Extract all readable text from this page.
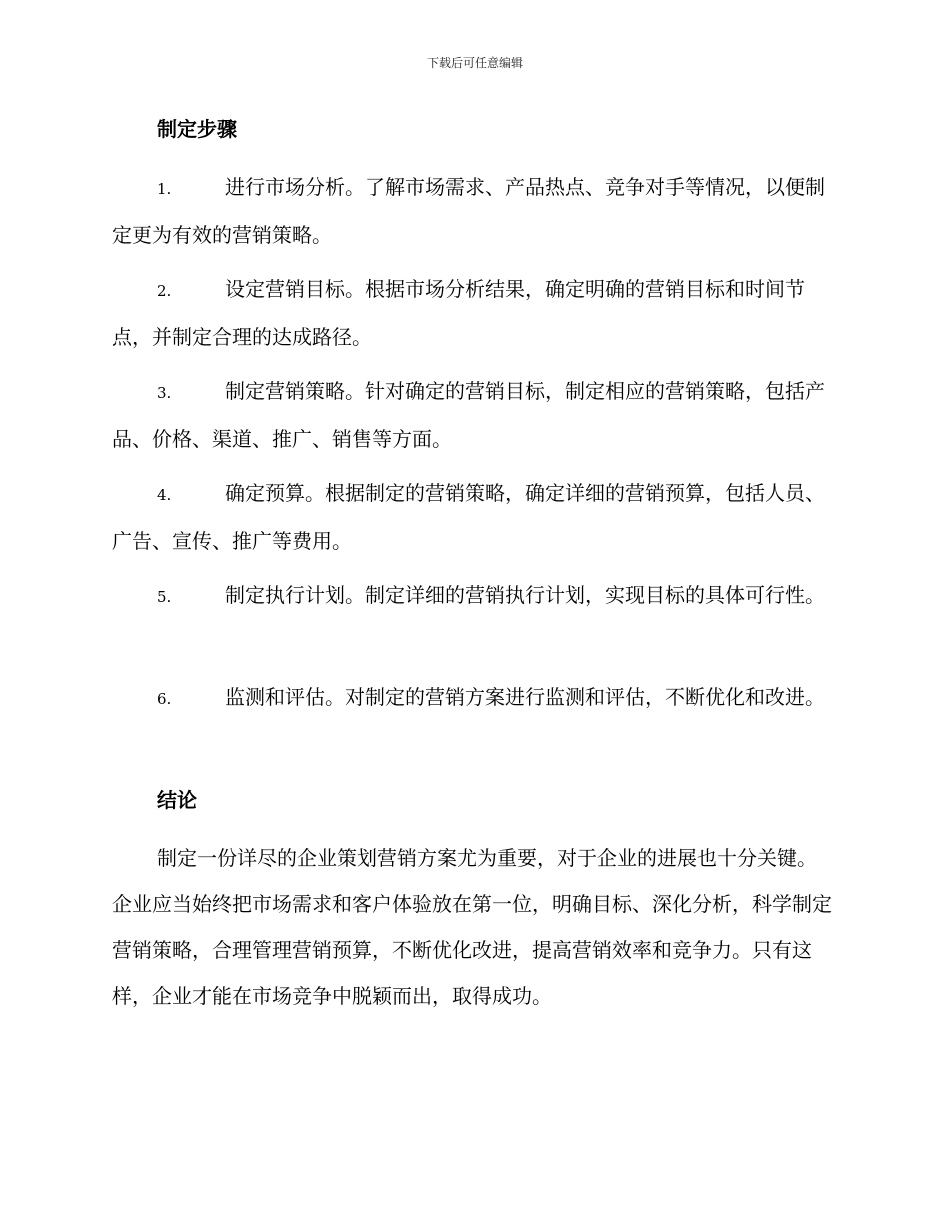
下载后可任意编辑
制定步骤
1.	进行市场分析。了解市场需求、产品热点、竞争对手等情况，以便制定更为有效的营销策略。
2.	设定营销目标。根据市场分析结果，确定明确的营销目标和时间节点，并制定合理的达成路径。
3.	制定营销策略。针对确定的营销目标，制定相应的营销策略，包括产品、价格、渠道、推广、销售等方面。
4.	确定预算。根据制定的营销策略，确定详细的营销预算，包括人员、广告、宣传、推广等费用。
5.	制定执行计划。制定详细的营销执行计划，实现目标的具体可行性。
6.	监测和评估。对制定的营销方案进行监测和评估，不断优化和改进。
结论
制定一份详尽的企业策划营销方案尤为重要，对于企业的进展也十分关键。企业应当始终把市场需求和客户体验放在第一位，明确目标、深化分析，科学制定营销策略，合理管理营销预算，不断优化改进，提高营销效率和竞争力。只有这样，企业才能在市场竞争中脱颖而出，取得成功。
